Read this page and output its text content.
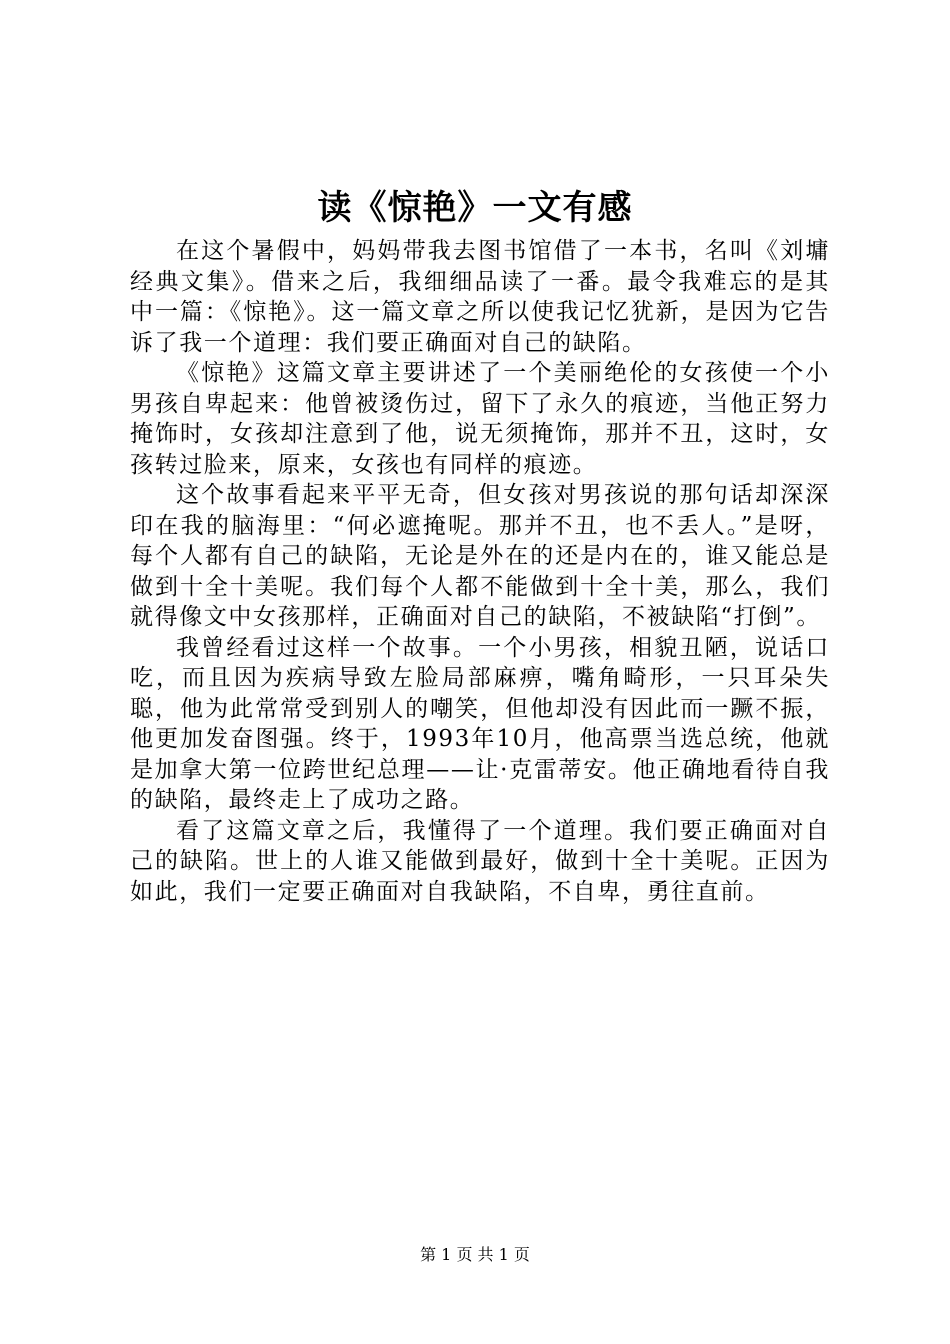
读《惊艳》一文有感

在这个暑假中，妈妈带我去图书馆借了一本书，名叫《刘墉经典文集》。借来之后，我细细品读了一番。最令我难忘的是其中一篇：《惊艳》。这一篇文章之所以使我记忆犹新，是因为它告诉了我一个道理：我们要正确面对自己的缺陷。

《惊艳》这篇文章主要讲述了一个美丽绝伦的女孩使一个小男孩自卑起来：他曾被烫伤过，留下了永久的痕迹，当他正努力掩饰时，女孩却注意到了他，说无须掩饰，那并不丑，这时，女孩转过脸来，原来，女孩也有同样的痕迹。

这个故事看起来平平无奇，但女孩对男孩说的那句话却深深印在我的脑海里：“何必遮掩呢。那并不丑，也不丢人。”是呀，每个人都有自己的缺陷，无论是外在的还是内在的，谁又能总是做到十全十美呢。我们每个人都不能做到十全十美，那么，我们就得像文中女孩那样，正确面对自己的缺陷，不被缺陷“打倒”。

我曾经看过这样一个故事。一个小男孩，相貌丑陋，说话口吃，而且因为疾病导致左脸局部麻痹，嘴角畸形，一只耳朵失聪，他为此常常受到别人的嘲笑，但他却没有因此而一蹶不振，他更加发奋图强。终于，1993年10月，他高票当选总统，他就是加拿大第一位跨世纪总理——让·克雷蒂安。他正确地看待自我的缺陷，最终走上了成功之路。

看了这篇文章之后，我懂得了一个道理。我们要正确面对自己的缺陷。世上的人谁又能做到最好，做到十全十美呢。正因为如此，我们一定要正确面对自我缺陷，不自卑，勇往直前。

第 1 页 共 1 页
